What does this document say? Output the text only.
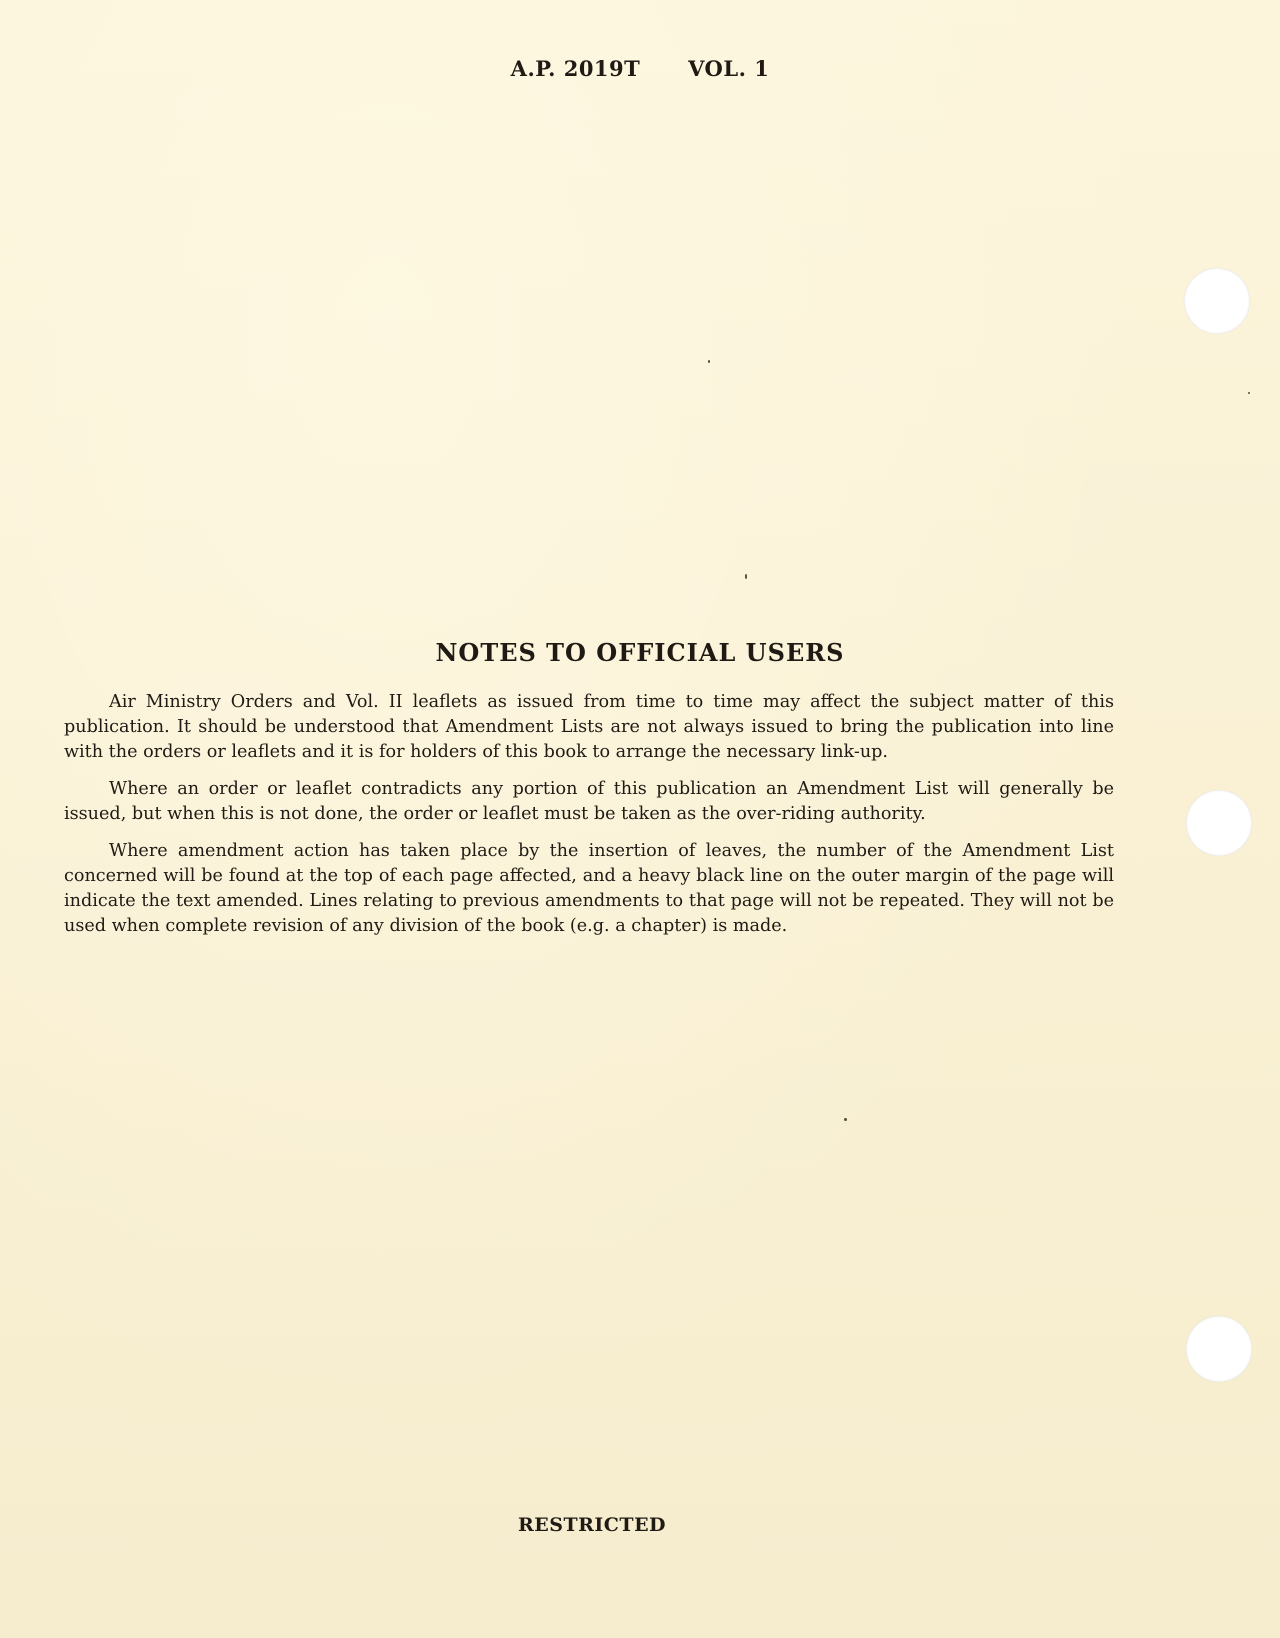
A.P. 2019T VOL. 1
NOTES TO OFFICIAL USERS

Air Ministry Orders and Vol. II leaflets as issued from time to time may affect the subject matter of this publication. It should be understood that Amendment Lists are not always issued to bring the publication into line with the orders or leaflets and it is for holders of this book to arrange the necessary link-up.

Where an order or leaflet contradicts any portion of this publication an Amendment List will generally be issued, but when this is not done, the order or leaflet must be taken as the over-riding authority.

Where amendment action has taken place by the insertion of leaves, the number of the Amendment List concerned will be found at the top of each page affected, and a heavy black line on the outer margin of the page will indicate the text amended. Lines relating to previous amendments to that page will not be repeated. They will not be used when complete revision of any division of the book (e.g. a chapter) is made.

RESTRICTED
